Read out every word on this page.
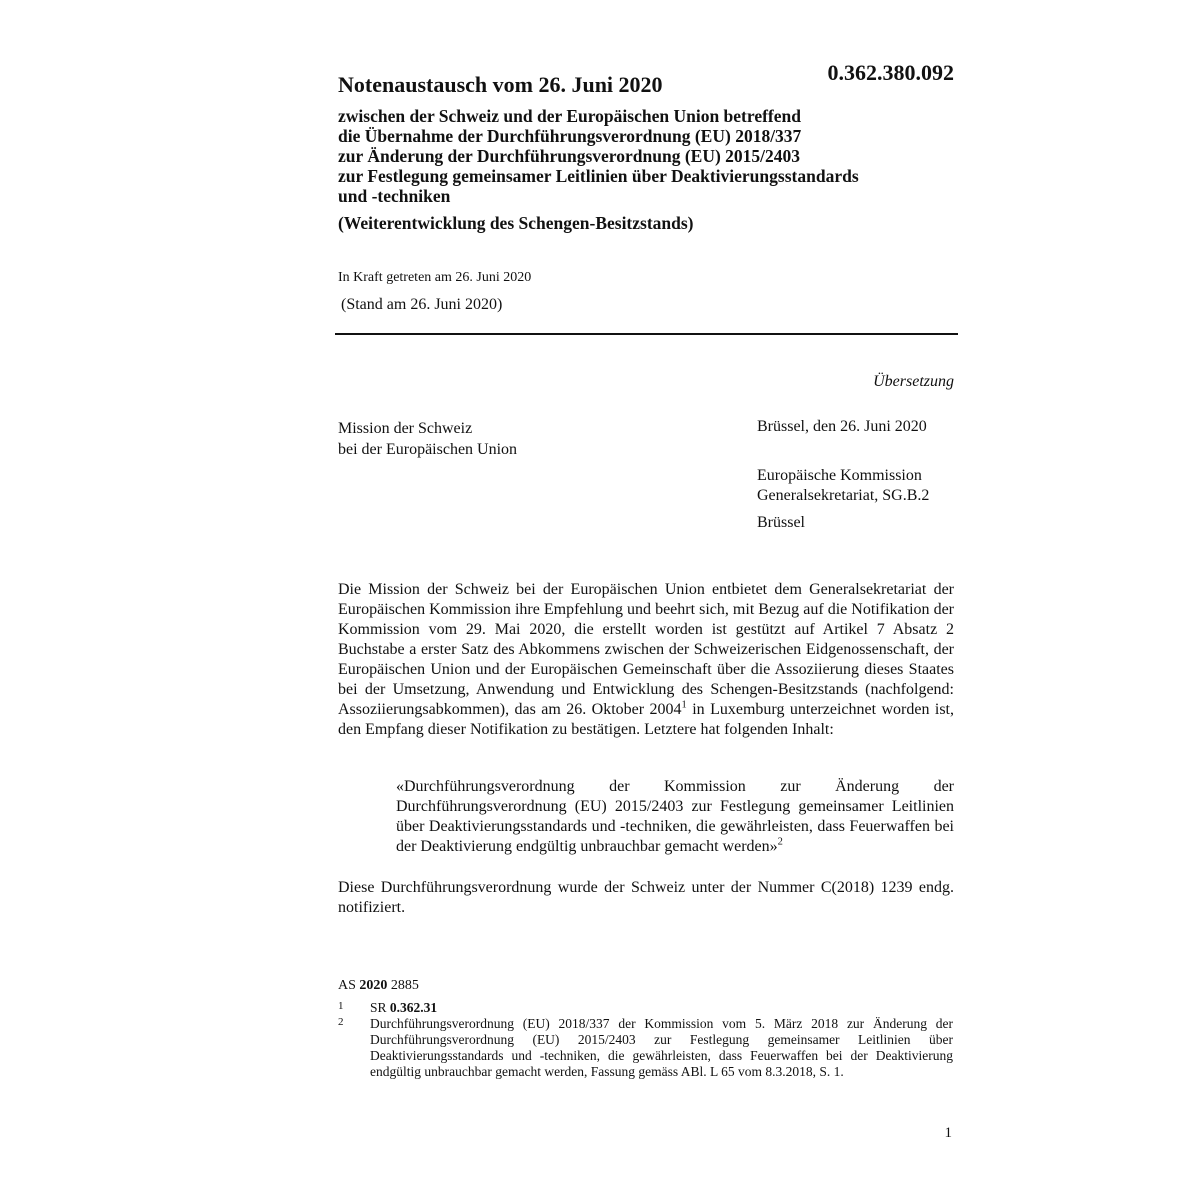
Notenaustausch vom 26. Juni 2020	0.362.380.092
zwischen der Schweiz und der Europäischen Union betreffend
die Übernahme der Durchführungsverordnung (EU) 2018/337
zur Änderung der Durchführungsverordnung (EU) 2015/2403
zur Festlegung gemeinsamer Leitlinien über Deaktivierungsstandards
und -techniken
(Weiterentwicklung des Schengen-Besitzstands)
In Kraft getreten am 26. Juni 2020
(Stand am 26. Juni 2020)
Übersetzung
Mission der Schweiz
bei der Europäischen Union
Brüssel, den 26. Juni 2020
Europäische Kommission
Generalsekretariat, SG.B.2
Brüssel
Die Mission der Schweiz bei der Europäischen Union entbietet dem Generalsekretariat der Europäischen Kommission ihre Empfehlung und beehrt sich, mit Bezug auf die Notifikation der Kommission vom 29. Mai 2020, die erstellt worden ist gestützt auf Artikel 7 Absatz 2 Buchstabe a erster Satz des Abkommens zwischen der Schweizerischen Eidgenossenschaft, der Europäischen Union und der Europäischen Gemeinschaft über die Assoziierung dieses Staates bei der Umsetzung, Anwendung und Entwicklung des Schengen-Besitzstands (nachfolgend: Assoziierungsabkommen), das am 26. Oktober 2004$^1$ in Luxemburg unterzeichnet worden ist, den Empfang dieser Notifikation zu bestätigen. Letztere hat folgenden Inhalt:
«Durchführungsverordnung der Kommission zur Änderung der Durchführungsverordnung (EU) 2015/2403 zur Festlegung gemeinsamer Leitlinien über Deaktivierungsstandards und -techniken, die gewährleisten, dass Feuerwaffen bei der Deaktivierung endgültig unbrauchbar gemacht werden»$^2$
Diese Durchführungsverordnung wurde der Schweiz unter der Nummer C(2018) 1239 endg. notifiziert.
AS 2020 2885
1 SR 0.362.31
2 Durchführungsverordnung (EU) 2018/337 der Kommission vom 5. März 2018 zur Änderung der Durchführungsverordnung (EU) 2015/2403 zur Festlegung gemeinsamer Leitlinien über Deaktivierungsstandards und -techniken, die gewährleisten, dass Feuerwaffen bei der Deaktivierung endgültig unbrauchbar gemacht werden, Fassung gemäss ABl. L 65 vom 8.3.2018, S. 1.
1
